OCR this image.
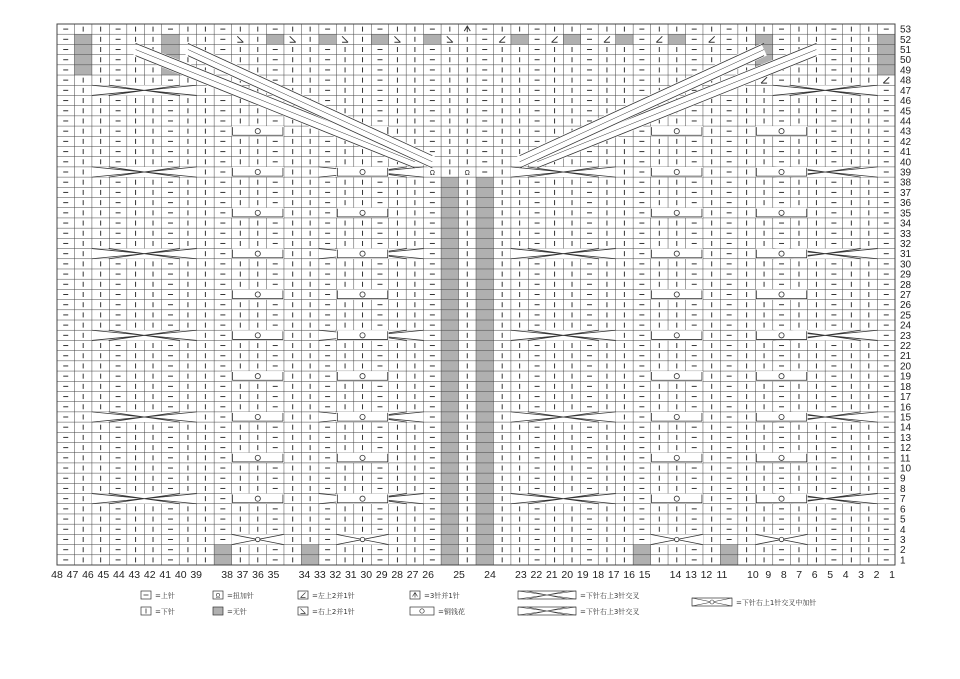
Ω
Ω
1
2
3
4
5
6
7
8
9
10
11
12
13
14
15
16
17
18
19
20
21
22
23
24
25
26
27
28
29
30
31
32
33
34
35
36
37
38
39
40
41
42
43
44
45
46
47
48
49
50
51
52
53
48 47 46 45 44 43 42 41 40 39 38 37 36 35 34 33 32 31 30 29 28 27 26 25 24 23 22 21 20 19 18 17 16 15 14 13 12 11 10 9 8 7 6 5 4 3 2 1
=上针
=下针
Ω =扭加针
=无针
=左上2并1针
=右上2并1针
=3针并1针
=铜钱花
=下针右上3针交叉
=下针右上3针交叉
=下针右上1针交叉中加针
